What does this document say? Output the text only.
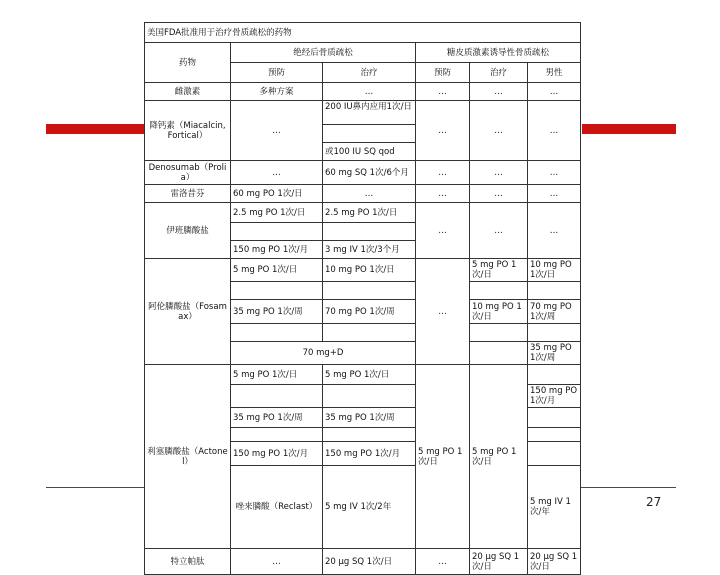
美国FDA批准用于治疗骨质疏松的药物						
药物	绝经后骨质疏松		糖皮质激素诱导性骨质疏松			
	预防	治疗	预防	治疗	男性	
雌激素	多种方案	…	…	…	…	
降钙素（Miacalcin,Fortical）	…	200 IU鼻内应用1次/日	…	…	…	

		或100 IU SQ qod				
Denosumab（Prolia）	…	60 mg SQ 1次/6个月	…	…	…	
雷洛昔芬	60 mg PO 1次/日	…	…	…	…	
伊班膦酸盐	2.5 mg PO 1次/日	2.5 mg PO 1次/日	…	…	…	

	150 mg PO 1次/月	3 mg IV 1次/3个月				
阿伦膦酸盐（Fosamax）	5 mg PO 1次/日	10 mg PO 1次/日	…	5 mg PO 1次/日	10 mg PO 1次/日	

	35 mg PO 1次/周	70 mg PO 1次/周		10 mg PO 1次/日	70 mg PO 1次/周	

	70 mg+D				35 mg PO 1次/周	
利塞膦酸盐（Actonel）	5 mg PO 1次/日	5 mg PO 1次/日	5 mg PO 1次/日	5 mg PO 1次/日		
					150 mg PO 1次/月	
	35 mg PO 1次/周	35 mg PO 1次/周				

	150 mg PO 1次/月	150 mg PO 1次/月				
	唑来膦酸（Reclast）	5 mg IV 1次/2年			5 mg IV 1次/年			
特立帕肽	…	20 μg SQ 1次/日	…	20 μg SQ 1次/日	20 μg SQ 1次/日	
27
